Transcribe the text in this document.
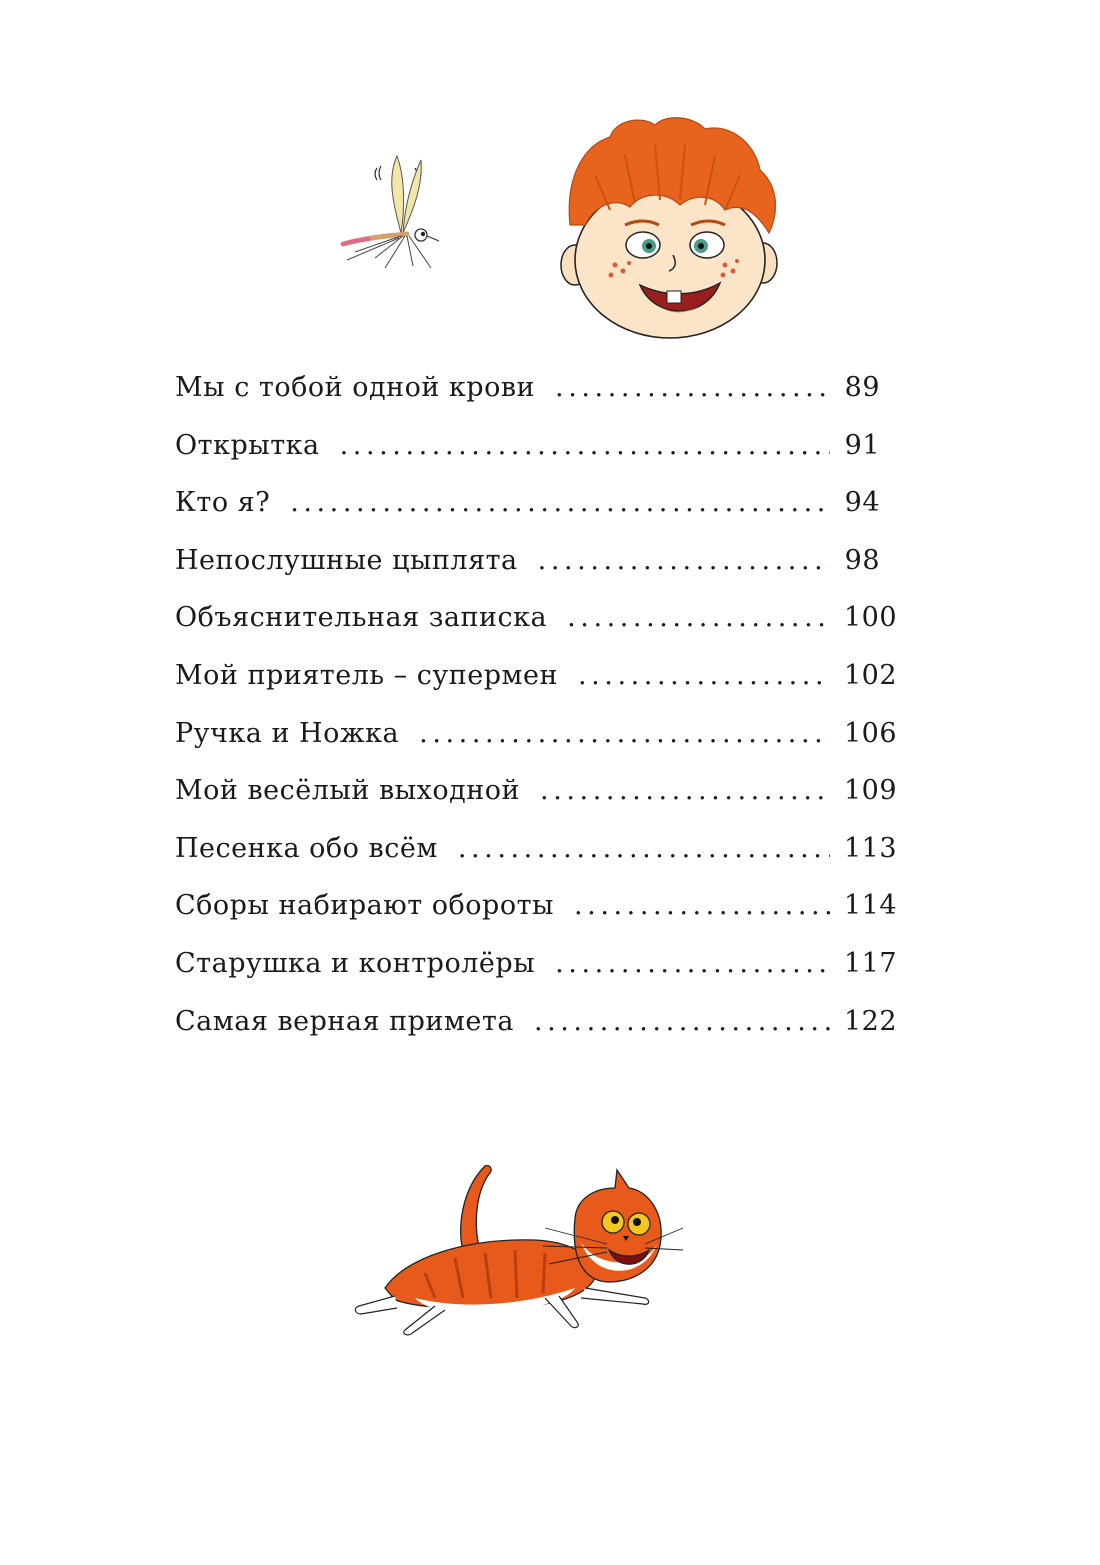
Мы с тобой одной крови . . .	89
Открытка . . .	91
Кто я? . . .	94
Непослушные цыплята . . .	98
Объяснительная записка . . .	100
Мой приятель – супермен . . .	102
Ручка и Ножка . . .	106
Мой весёлый выходной . . .	109
Песенка обо всём . . .	113
Сборы набирают обороты . . .	114
Старушка и контролёры . . .	117
Самая верная примета . . .	122
